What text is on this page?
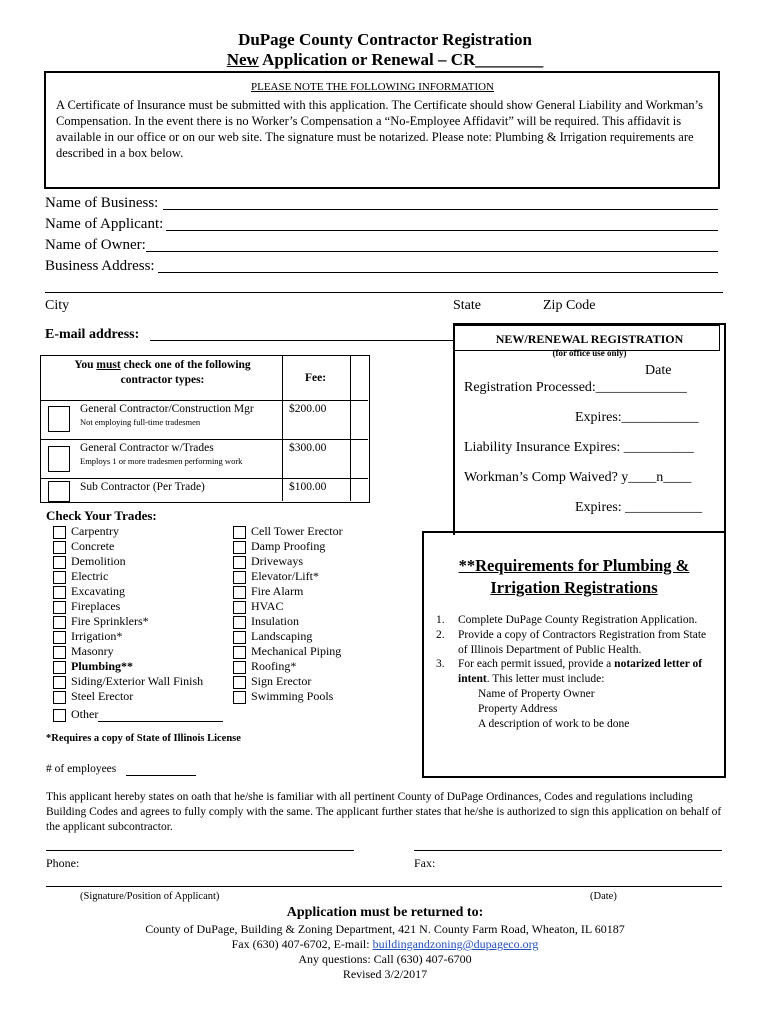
DuPage County Contractor Registration
New Application or Renewal – CR________
PLEASE NOTE THE FOLLOWING INFORMATION
A Certificate of Insurance must be submitted with this application. The Certificate should show General Liability and Workman’s Compensation. In the event there is no Worker’s Compensation a “No-Employee Affidavit” will be required. This affidavit is available in our office or on our web site. The signature must be notarized. Please note: Plumbing & Irrigation requirements are described in a box below.
Name of Business:
Name of Applicant:
Name of Owner:
Business Address:
City	State	Zip Code
E-mail address:	NEW/RENEWAL REGISTRATION
(for office use only)
Date
Registration Processed:_____________
Expires:___________
Liability Insurance Expires: __________
Workman’s Comp Waived? y____n____
Expires: ___________
You must check one of the following contractor types:	Fee:
General Contractor/Construction Mgr
Not employing full-time tradesmen
$200.00
General Contractor w/Trades
Employs 1 or more tradesmen performing work
$300.00
Sub Contractor (Per Trade)	$100.00
Check Your Trades:
Carpentry
Concrete
Demolition
Electric
Excavating
Fireplaces
Fire Sprinklers*
Irrigation*
Masonry
Plumbing**
Siding/Exterior Wall Finish
Steel Erector
Other
Cell Tower Erector
Damp Proofing
Driveways
Elevator/Lift*
Fire Alarm
HVAC
Insulation
Landscaping
Mechanical Piping
Roofing*
Sign Erector
Swimming Pools
*Requires a copy of State of Illinois License
# of employees
**Requirements for Plumbing &
Irrigation Registrations
1.	Complete DuPage County Registration Application.
2.	Provide a copy of Contractors Registration from State of Illinois Department of Public Health.
3.	For each permit issued, provide a notarized letter of intent. This letter must include:
Name of Property Owner
Property Address
A description of work to be done
This applicant hereby states on oath that he/she is familiar with all pertinent County of DuPage Ordinances, Codes and regulations including Building Codes and agrees to fully comply with the same. The applicant further states that he/she is authorized to sign this application on behalf of the applicant subcontractor.
Phone:	Fax:
(Signature/Position of Applicant)	(Date)
Application must be returned to:
County of DuPage, Building & Zoning Department, 421 N. County Farm Road, Wheaton, IL 60187
Fax (630) 407-6702, E-mail: buildingandzoning@dupageco.org
Any questions: Call (630) 407-6700
Revised 3/2/2017
